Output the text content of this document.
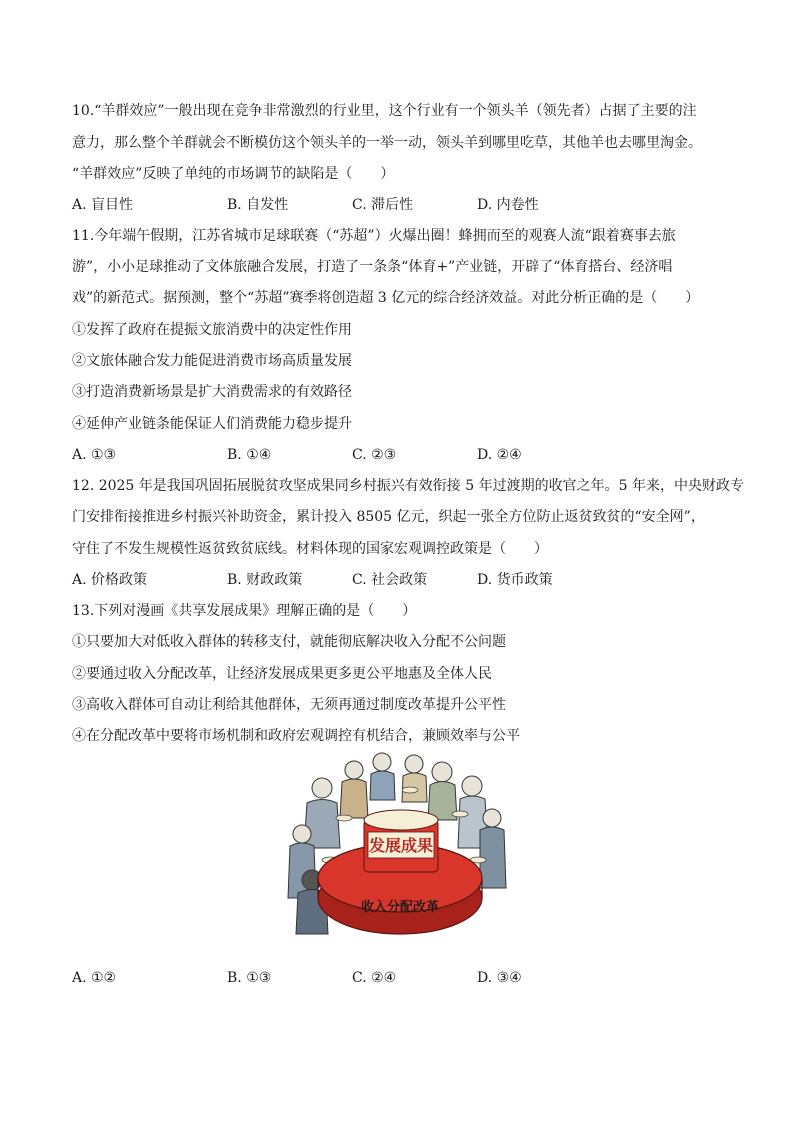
10.“羊群效应”一般出现在竞争非常激烈的行业里，这个行业有一个领头羊（领先者）占据了主要的注
意力，那么整个羊群就会不断模仿这个领头羊的一举一动，领头羊到哪里吃草，其他羊也去哪里淘金。
“羊群效应”反映了单纯的市场调节的缺陷是（　　）
A. 盲目性	B. 自发性	C. 滞后性	D. 内卷性
11.今年端午假期，江苏省城市足球联赛（“苏超”）火爆出圈！蜂拥而至的观赛人流“跟着赛事去旅
游”，小小足球推动了文体旅融合发展，打造了一条条“体育+”产业链，开辟了“体育搭台、经济唱
戏”的新范式。据预测，整个“苏超”赛季将创造超 3 亿元的综合经济效益。对此分析正确的是（　　）
①发挥了政府在提振文旅消费中的决定性作用
②文旅体融合发力能促进消费市场高质量发展
③打造消费新场景是扩大消费需求的有效路径
④延伸产业链条能保证人们消费能力稳步提升
A. ①③	B. ①④	C. ②③	D. ②④
12. 2025 年是我国巩固拓展脱贫攻坚成果同乡村振兴有效衔接 5 年过渡期的收官之年。5 年来，中央财政专
门安排衔接推进乡村振兴补助资金，累计投入 8505 亿元，织起一张全方位防止返贫致贫的“安全网”，
守住了不发生规模性返贫致贫底线。材料体现的国家宏观调控政策是（　　）
A. 价格政策	B. 财政政策	C. 社会政策	D. 货币政策
13.下列对漫画《共享发展成果》理解正确的是（　　）
①只要加大对低收入群体的转移支付，就能彻底解决收入分配不公问题
②要通过收入分配改革，让经济发展成果更多更公平地惠及全体人民
③高收入群体可自动让利给其他群体，无须再通过制度改革提升公平性
④在分配改革中要将市场机制和政府宏观调控有机结合，兼顾效率与公平
发展成果
收入分配改革
A. ①②	B. ①③	C. ②④	D. ③④
